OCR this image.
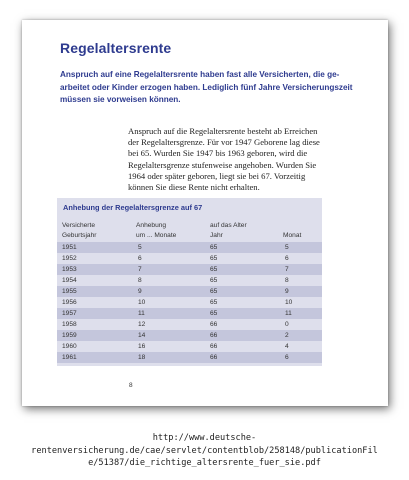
Regelaltersrente
Anspruch auf eine Regelaltersrente haben fast alle Versicherten, die ge-
arbeitet oder Kinder erzogen haben. Lediglich fünf Jahre Versicherungszeit
müssen sie vorweisen können.
Anspruch auf die Regelaltersrente besteht ab Erreichen
der Regelaltersgrenze. Für vor 1947 Geborene lag diese
bei 65. Wurden Sie 1947 bis 1963 geboren, wird die
Regelaltersgrenze stufenweise angehoben. Wurden Sie
1964 oder später geboren, liegt sie bei 67. Vorzeitig
können Sie diese Rente nicht erhalten.
Anhebung der Regelaltersgrenze auf 67
Versicherte	Anhebung	auf das Alter
Geburtsjahr	um ... Monate	Jahr	Monat
1951	5	65	5
1952	6	65	6
1953	7	65	7
1954	8	65	8
1955	9	65	9
1956	10	65	10
1957	11	65	11
1958	12	66	0
1959	14	66	2
1960	16	66	4
1961	18	66	6
8
http://www.deutsche-
rentenversicherung.de/cae/servlet/contentblob/258148/publicationFil
e/51387/die_richtige_altersrente_fuer_sie.pdf
